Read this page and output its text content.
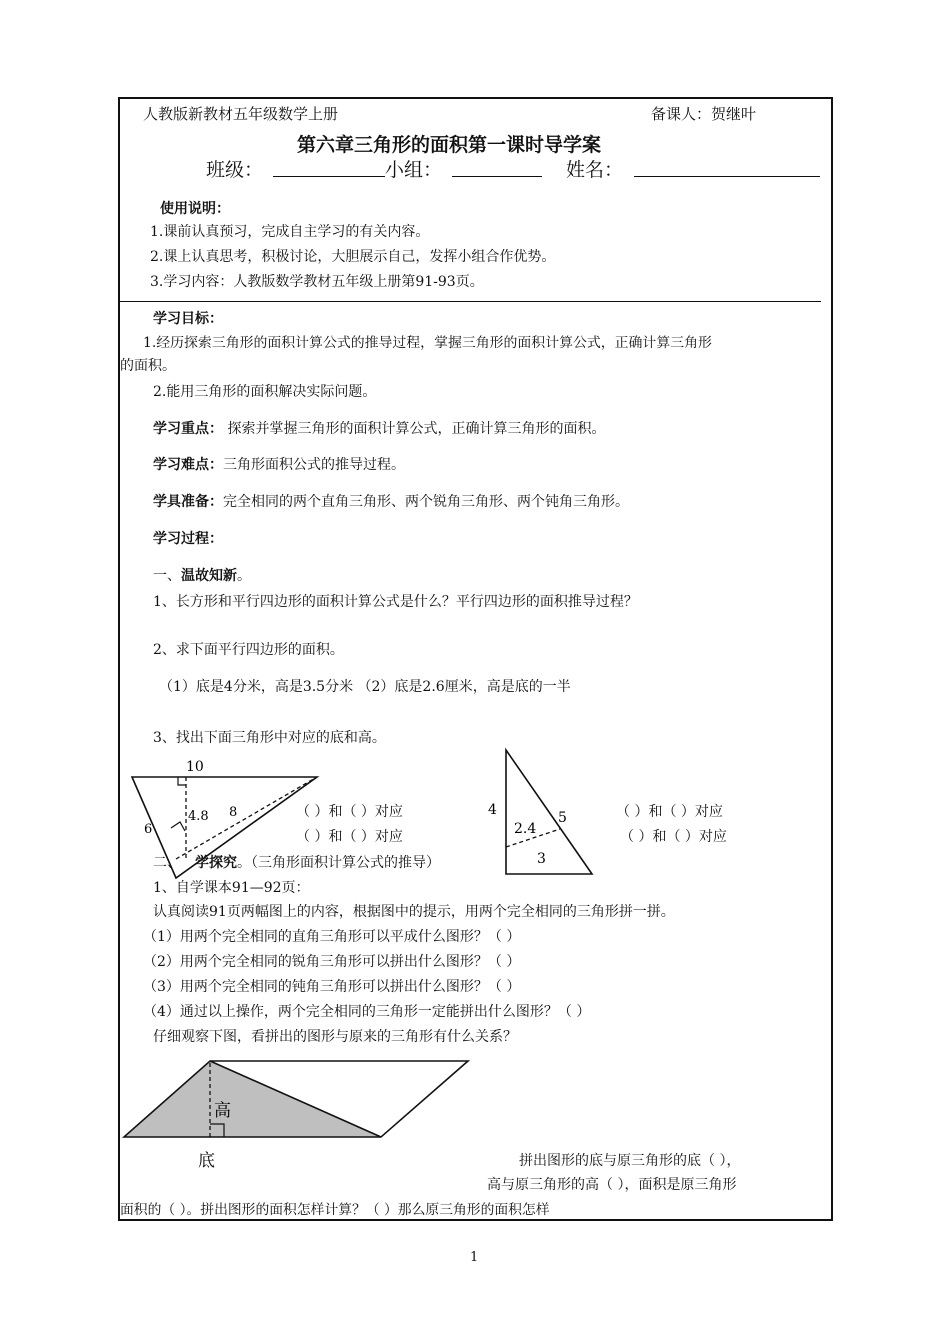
人教版新教材五年级数学上册	备课人：贺继叶
第六章三角形的面积第一课时导学案
班级：	小组：	姓名：
使用说明：
1.课前认真预习，完成自主学习的有关内容。
2.课上认真思考，积极讨论，大胆展示自己，发挥小组合作优势。
3.学习内容：人教版数学教材五年级上册第91-93页。
学习目标：
1.经历探索三角形的面积计算公式的推导过程，掌握三角形的面积计算公式，正确计算三角形
的面积。
2.能用三角形的面积解决实际问题。
学习重点： 探索并掌握三角形的面积计算公式，正确计算三角形的面积。
学习难点：三角形面积公式的推导过程。
学具准备：完全相同的两个直角三角形、两个锐角三角形、两个钝角三角形。
学习过程：
一、温故知新。
1、长方形和平行四边形的面积计算公式是什么？平行四边形的面积推导过程？
2、求下面平行四边形的面积。
（1）底是4分米，高是3.5分米 （2）底是2.6厘米，高是底的一半
3、找出下面三角形中对应的底和高。
10
4.8 8
6
（ ）和（ ）对应
（ ）和（ ）对应
4
2.4
5
3
（ ）和（ ）对应
（ ）和（ ）对应
二、 学探究。（三角形面积计算公式的推导）
1、自学课本91—92页：
认真阅读91页两幅图上的内容，根据图中的提示，用两个完全相同的三角形拼一拼。
（1）用两个完全相同的直角三角形可以平成什么图形？（ ）
（2）用两个完全相同的锐角三角形可以拼出什么图形？（ ）
（3）用两个完全相同的钝角三角形可以拼出什么图形？（ ）
（4）通过以上操作，两个完全相同的三角形一定能拼出什么图形？（ ）
仔细观察下图，看拼出的图形与原来的三角形有什么关系？
高
底	拼出图形的底与原三角形的底（ ），
高与原三角形的高（ ），面积是原三角形
面积的（ ）。拼出图形的面积怎样计算？（ ）那么原三角形的面积怎样
1
